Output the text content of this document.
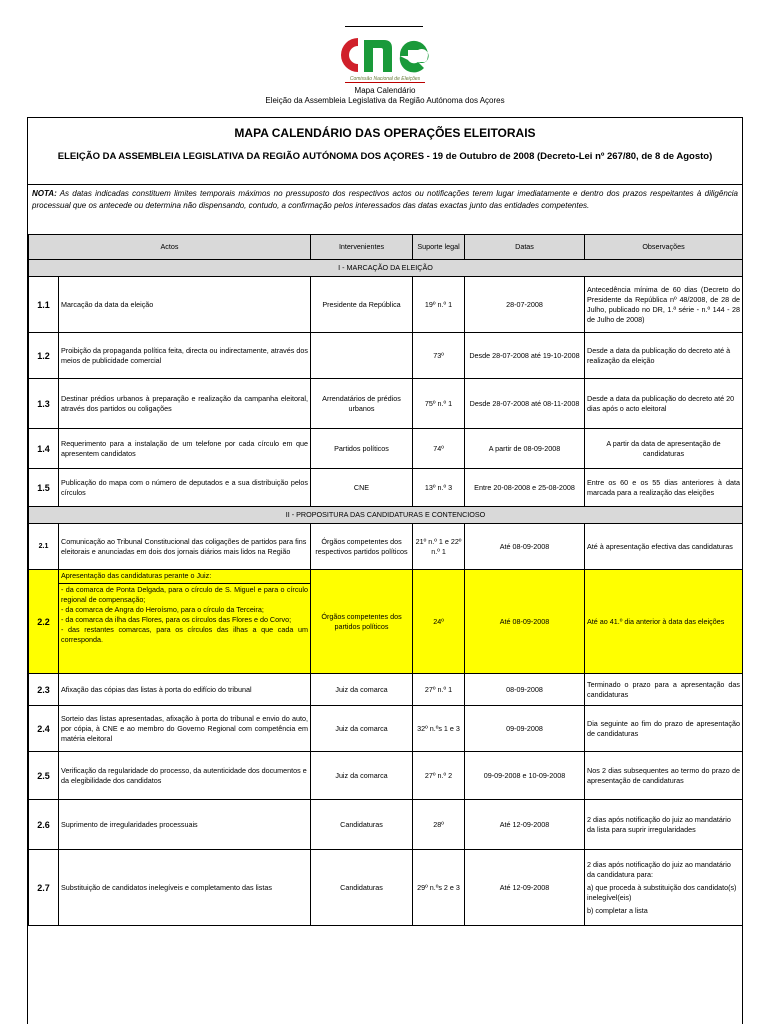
Comissão Nacional de Eleições
Mapa Calendário
Eleição da Assembleia Legislativa da Região Autónoma dos Açores
MAPA CALENDÁRIO DAS OPERAÇÕES ELEITORAIS
ELEIÇÃO DA ASSEMBLEIA LEGISLATIVA DA REGIÃO AUTÓNOMA DOS AÇORES - 19 de Outubro de 2008 (Decreto-Lei nº 267/80, de 8 de Agosto)
NOTA: As datas indicadas constituem limites temporais máximos no pressuposto dos respectivos actos ou notificações terem lugar imediatamente e dentro dos prazos respeitantes à diligência processual que os antecede ou determina não dispensando, contudo, a confirmação pelos interessados das datas exactas junto das entidades competentes.
Actos		Intervenientes	Suporte legal	Datas	Observações
I - MARCAÇÃO DA ELEIÇÃO					
1.1	Marcação da data da eleição	Presidente da República	19º n.º 1	28-07-2008	Antecedência mínima de 60 dias (Decreto do Presidente da República nº 48/2008, de 28 de Julho, publicado no DR, 1.ª série - n.º 144 - 28 de Julho de 2008)
1.2	Proibição da propaganda política feita, directa ou indirectamente, através dos meios de publicidade comercial		73º	Desde 28-07-2008 até 19-10-2008	Desde a data da publicação do decreto até à realização da eleição
1.3	Destinar prédios urbanos à preparação e realização da campanha eleitoral, através dos partidos ou coligações	Arrendatários de prédios urbanos	75º n.º 1	Desde 28-07-2008 até 08-11-2008	Desde a data da publicação do decreto até 20 dias após o acto eleitoral
1.4	Requerimento para a instalação de um telefone por cada círculo em que apresentem candidatos	Partidos políticos	74º	A partir de 08-09-2008	A partir da data de apresentação de candidaturas
1.5	Publicação do mapa com o número de deputados e a sua distribuição pelos círculos	CNE	13º n.º 3	Entre 20-08-2008 e 25-08-2008	Entre os 60 e os 55 dias anteriores à data marcada para a realização das eleições
II - PROPOSITURA DAS CANDIDATURAS E CONTENCIOSO					
2.1	Comunicação ao Tribunal Constitucional das coligações de partidos para fins eleitorais e anunciadas em dois dos jornais diários mais lidos na Região	Órgãos competentes dos respectivos partidos políticos	21º n.º 1 e 22º n.º 1	Até 08-09-2008	Até à apresentação efectiva das candidaturas
2.2	Apresentação das candidaturas perante o Juiz:
- da comarca de Ponta Delgada, para o círculo de S. Miguel e para o círculo regional de compensação;
- da comarca de Angra do Heroísmo, para o círculo da Terceira;
- da comarca da ilha das Flores, para os círculos das Flores e do Corvo;
- das restantes comarcas, para os círculos das ilhas a que cada um corresponda.	Órgãos competentes dos partidos políticos	24º	Até 08-09-2008	Até ao 41.º dia anterior à data das eleições
2.3	Afixação das cópias das listas à porta do edifício do tribunal	Juiz da comarca	27º n.º 1	08-09-2008	Terminado o prazo para a apresentação das candidaturas
2.4	Sorteio das listas apresentadas, afixação à porta do tribunal e envio do auto, por cópia, à CNE e ao membro do Governo Regional com competência em matéria eleitoral	Juiz da comarca	32º n.ºs 1 e 3	09-09-2008	Dia seguinte ao fim do prazo de apresentação de candidaturas
2.5	Verificação da regularidade do processo, da autenticidade dos documentos e da elegibilidade dos candidatos	Juiz da comarca	27º n.º 2	09-09-2008 e 10-09-2008	Nos 2 dias subsequentes ao termo do prazo de apresentação de candidaturas
2.6	Suprimento de irregularidades processuais	Candidaturas	28º	Até 12-09-2008	2 dias após notificação do juiz ao mandatário da lista para suprir irregularidades
2.7	Substituição de candidatos inelegíveis e completamento das listas	Candidaturas	29º n.ºs 2 e 3	Até 12-09-2008	2 dias após notificação do juiz ao mandatário da candidatura para:
a) que proceda à substituição dos candidato(s) inelegível(eis)
b) completar a lista
